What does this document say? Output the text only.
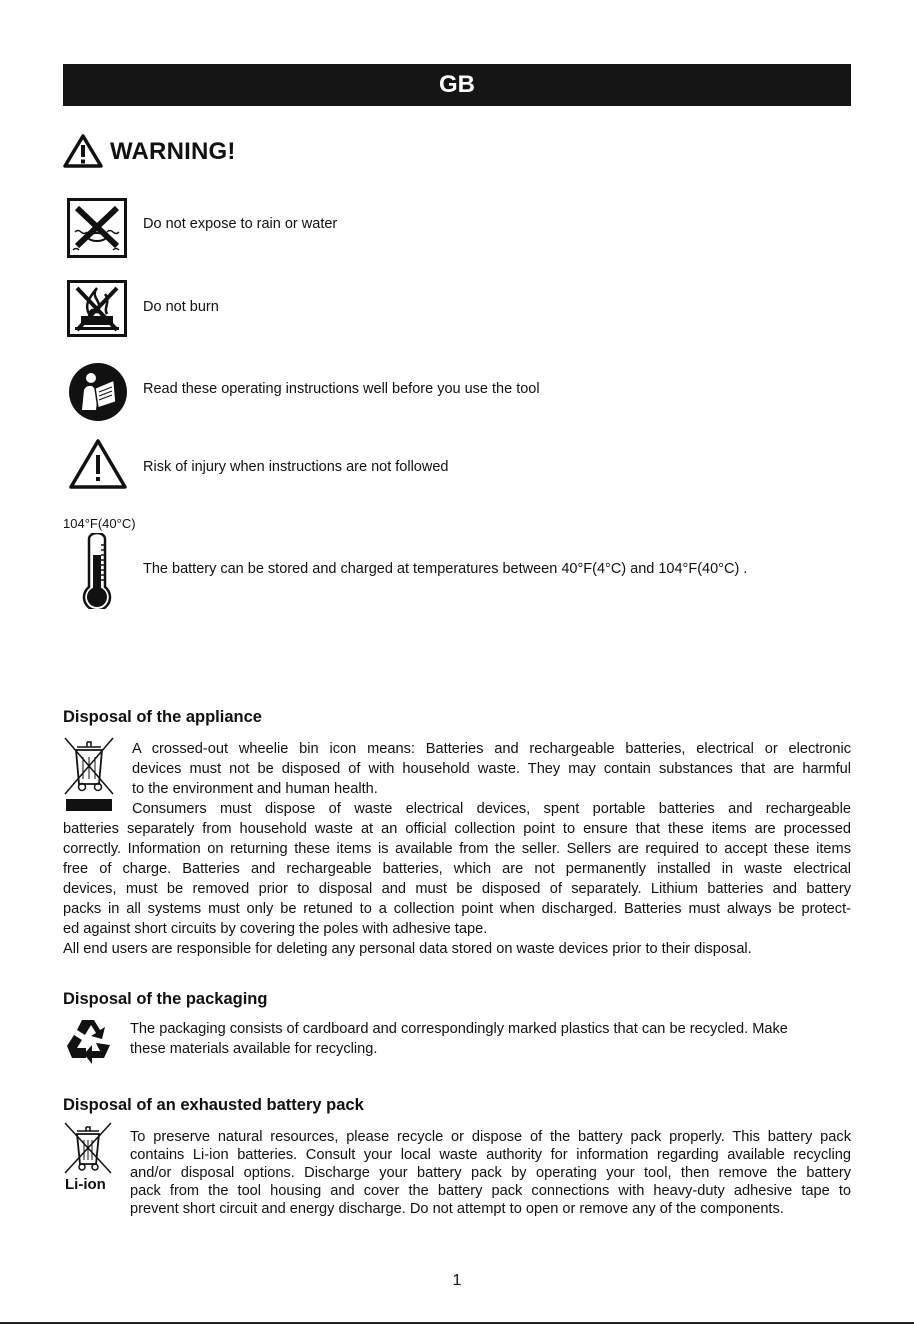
GB
WARNING!
Do not expose to rain or water
Do not burn
Read these operating instructions well before you use the tool
Risk of injury when instructions are not followed
104°F(40°C)
The battery can be stored and charged at temperatures between 40°F(4°C) and 104°F(40°C) .
Disposal of the appliance
A crossed-out wheelie bin icon means: Batteries and rechargeable batteries, electrical or electronic
devices must not be disposed of with household waste. They may contain substances that are harmful
to the environment and human health.
Consumers must dispose of waste electrical devices, spent portable batteries and rechargeable
batteries separately from household waste at an official collection point to ensure that these items are processed
correctly. Information on returning these items is available from the seller. Sellers are required to accept these items
free of charge. Batteries and rechargeable batteries, which are not permanently installed in waste electrical
devices, must be removed prior to disposal and must be disposed of separately. Lithium batteries and battery
packs in all systems must only be retuned to a collection point when discharged. Batteries must always be protect-
ed against short circuits by covering the poles with adhesive tape.
All end users are responsible for deleting any personal data stored on waste devices prior to their disposal.
Disposal of the packaging
The packaging consists of cardboard and correspondingly marked plastics that can be recycled. Make
these materials available for recycling.
Disposal of an exhausted battery pack
Li-ion
To preserve natural resources, please recycle or dispose of the battery pack properly. This battery pack
contains Li-ion batteries. Consult your local waste authority for information regarding available recycling
and/or disposal options. Discharge your battery pack by operating your tool, then remove the battery
pack from the tool housing and cover the battery pack connections with heavy-duty adhesive tape to
prevent short circuit and energy discharge. Do not attempt to open or remove any of the components.
1
